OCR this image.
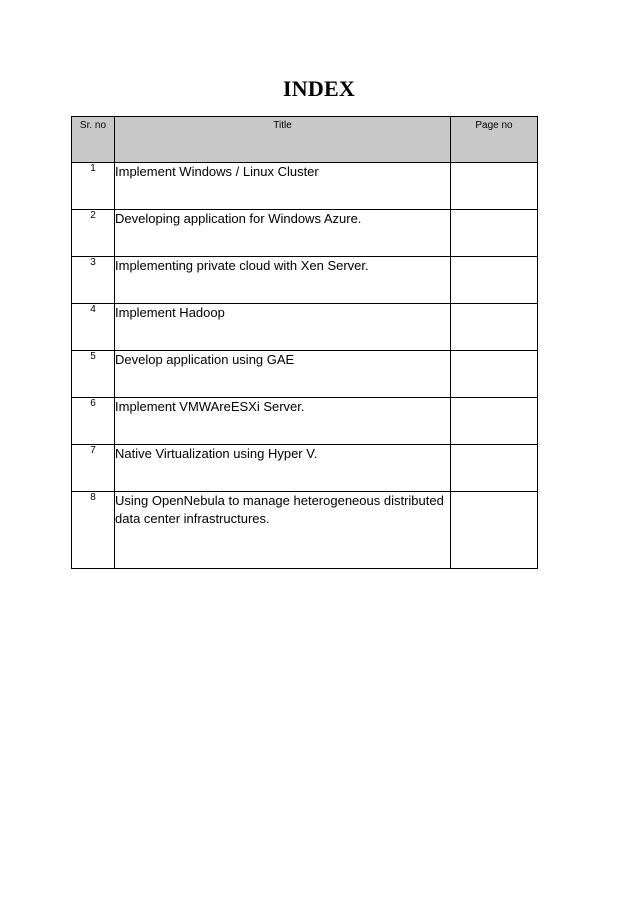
INDEX
Sr. no	Title	Page no
1	Implement Windows / Linux Cluster	
2	Developing application for Windows Azure.	
3	Implementing private cloud with Xen Server.	
4	Implement Hadoop	
5	Develop application using GAE	
6	Implement VMWAreESXi Server.	
7	Native Virtualization using Hyper V.	
8	Using OpenNebula to manage heterogeneous distributed data center infrastructures.	
